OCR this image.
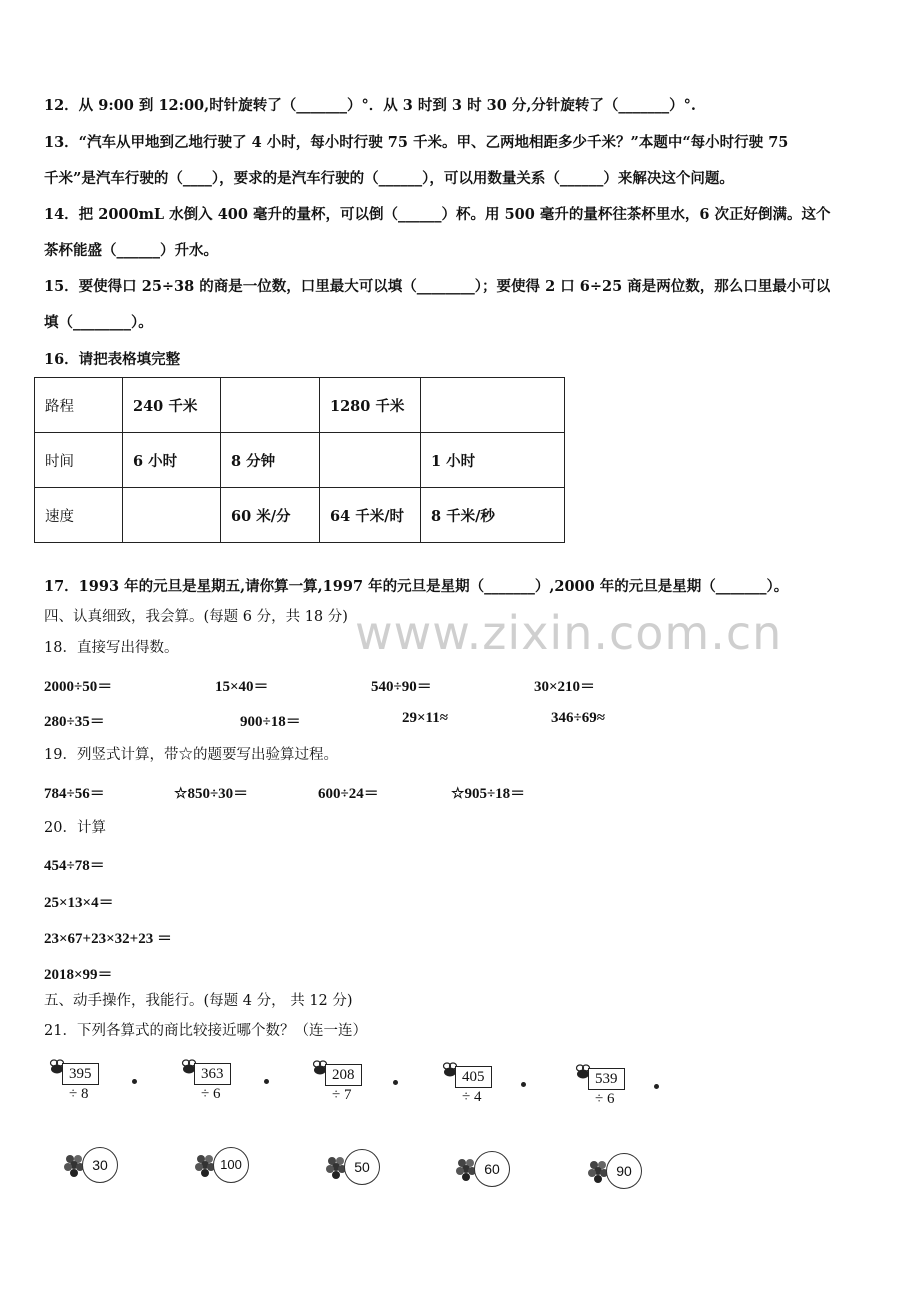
12．从 9:00 到 12:00,时针旋转了（_______）°．从 3 时到 3 时 30 分,分针旋转了（_______）°.
13．“汽车从甲地到乙地行驶了 4 小时，每小时行驶 75 千米。甲、乙两地相距多少千米？”本题中“每小时行驶 75
千米”是汽车行驶的（____），要求的是汽车行驶的（______），可以用数量关系（______）来解决这个问题。
14．把 2000mL 水倒入 400 毫升的量杯，可以倒（______）杯。用 500 毫升的量杯往茶杯里水，6 次正好倒满。这个
茶杯能盛（______）升水。
15．要使得口 25÷38 的商是一位数，口里最大可以填（________）；要使得 2 口 6÷25 商是两位数，那么口里最小可以
填（________）。
16．请把表格填完整
路程	240 千米		1280 千米	
时间	6 小时	8 分钟		1 小时
速度		60 米/分	64 千米/时	8 千米/秒
17．1993 年的元旦是星期五,请你算一算,1997 年的元旦是星期（_______）,2000 年的元旦是星期（_______）。
四、认真细致，我会算。(每题 6 分，共 18 分) www.zixin.com.cn
18．直接写出得数。
2000÷50＝	15×40＝	540÷90＝	30×210＝
280÷35＝	900÷18＝	29×11≈	346÷69≈
19．列竖式计算，带☆的题要写出验算过程。
784÷56＝	☆850÷30＝	600÷24＝	☆905÷18＝
20．计算
454÷78＝
25×13×4＝
23×67+23×32+23 ＝
2018×99＝
五、动手操作，我能行。(每题 4 分， 共 12 分)
21．下列各算式的商比较接近哪个数？（连一连）
395 ÷ 8
363 ÷ 6
208 ÷ 7
405 ÷ 4
539 ÷ 6
30	100	50	60	90
